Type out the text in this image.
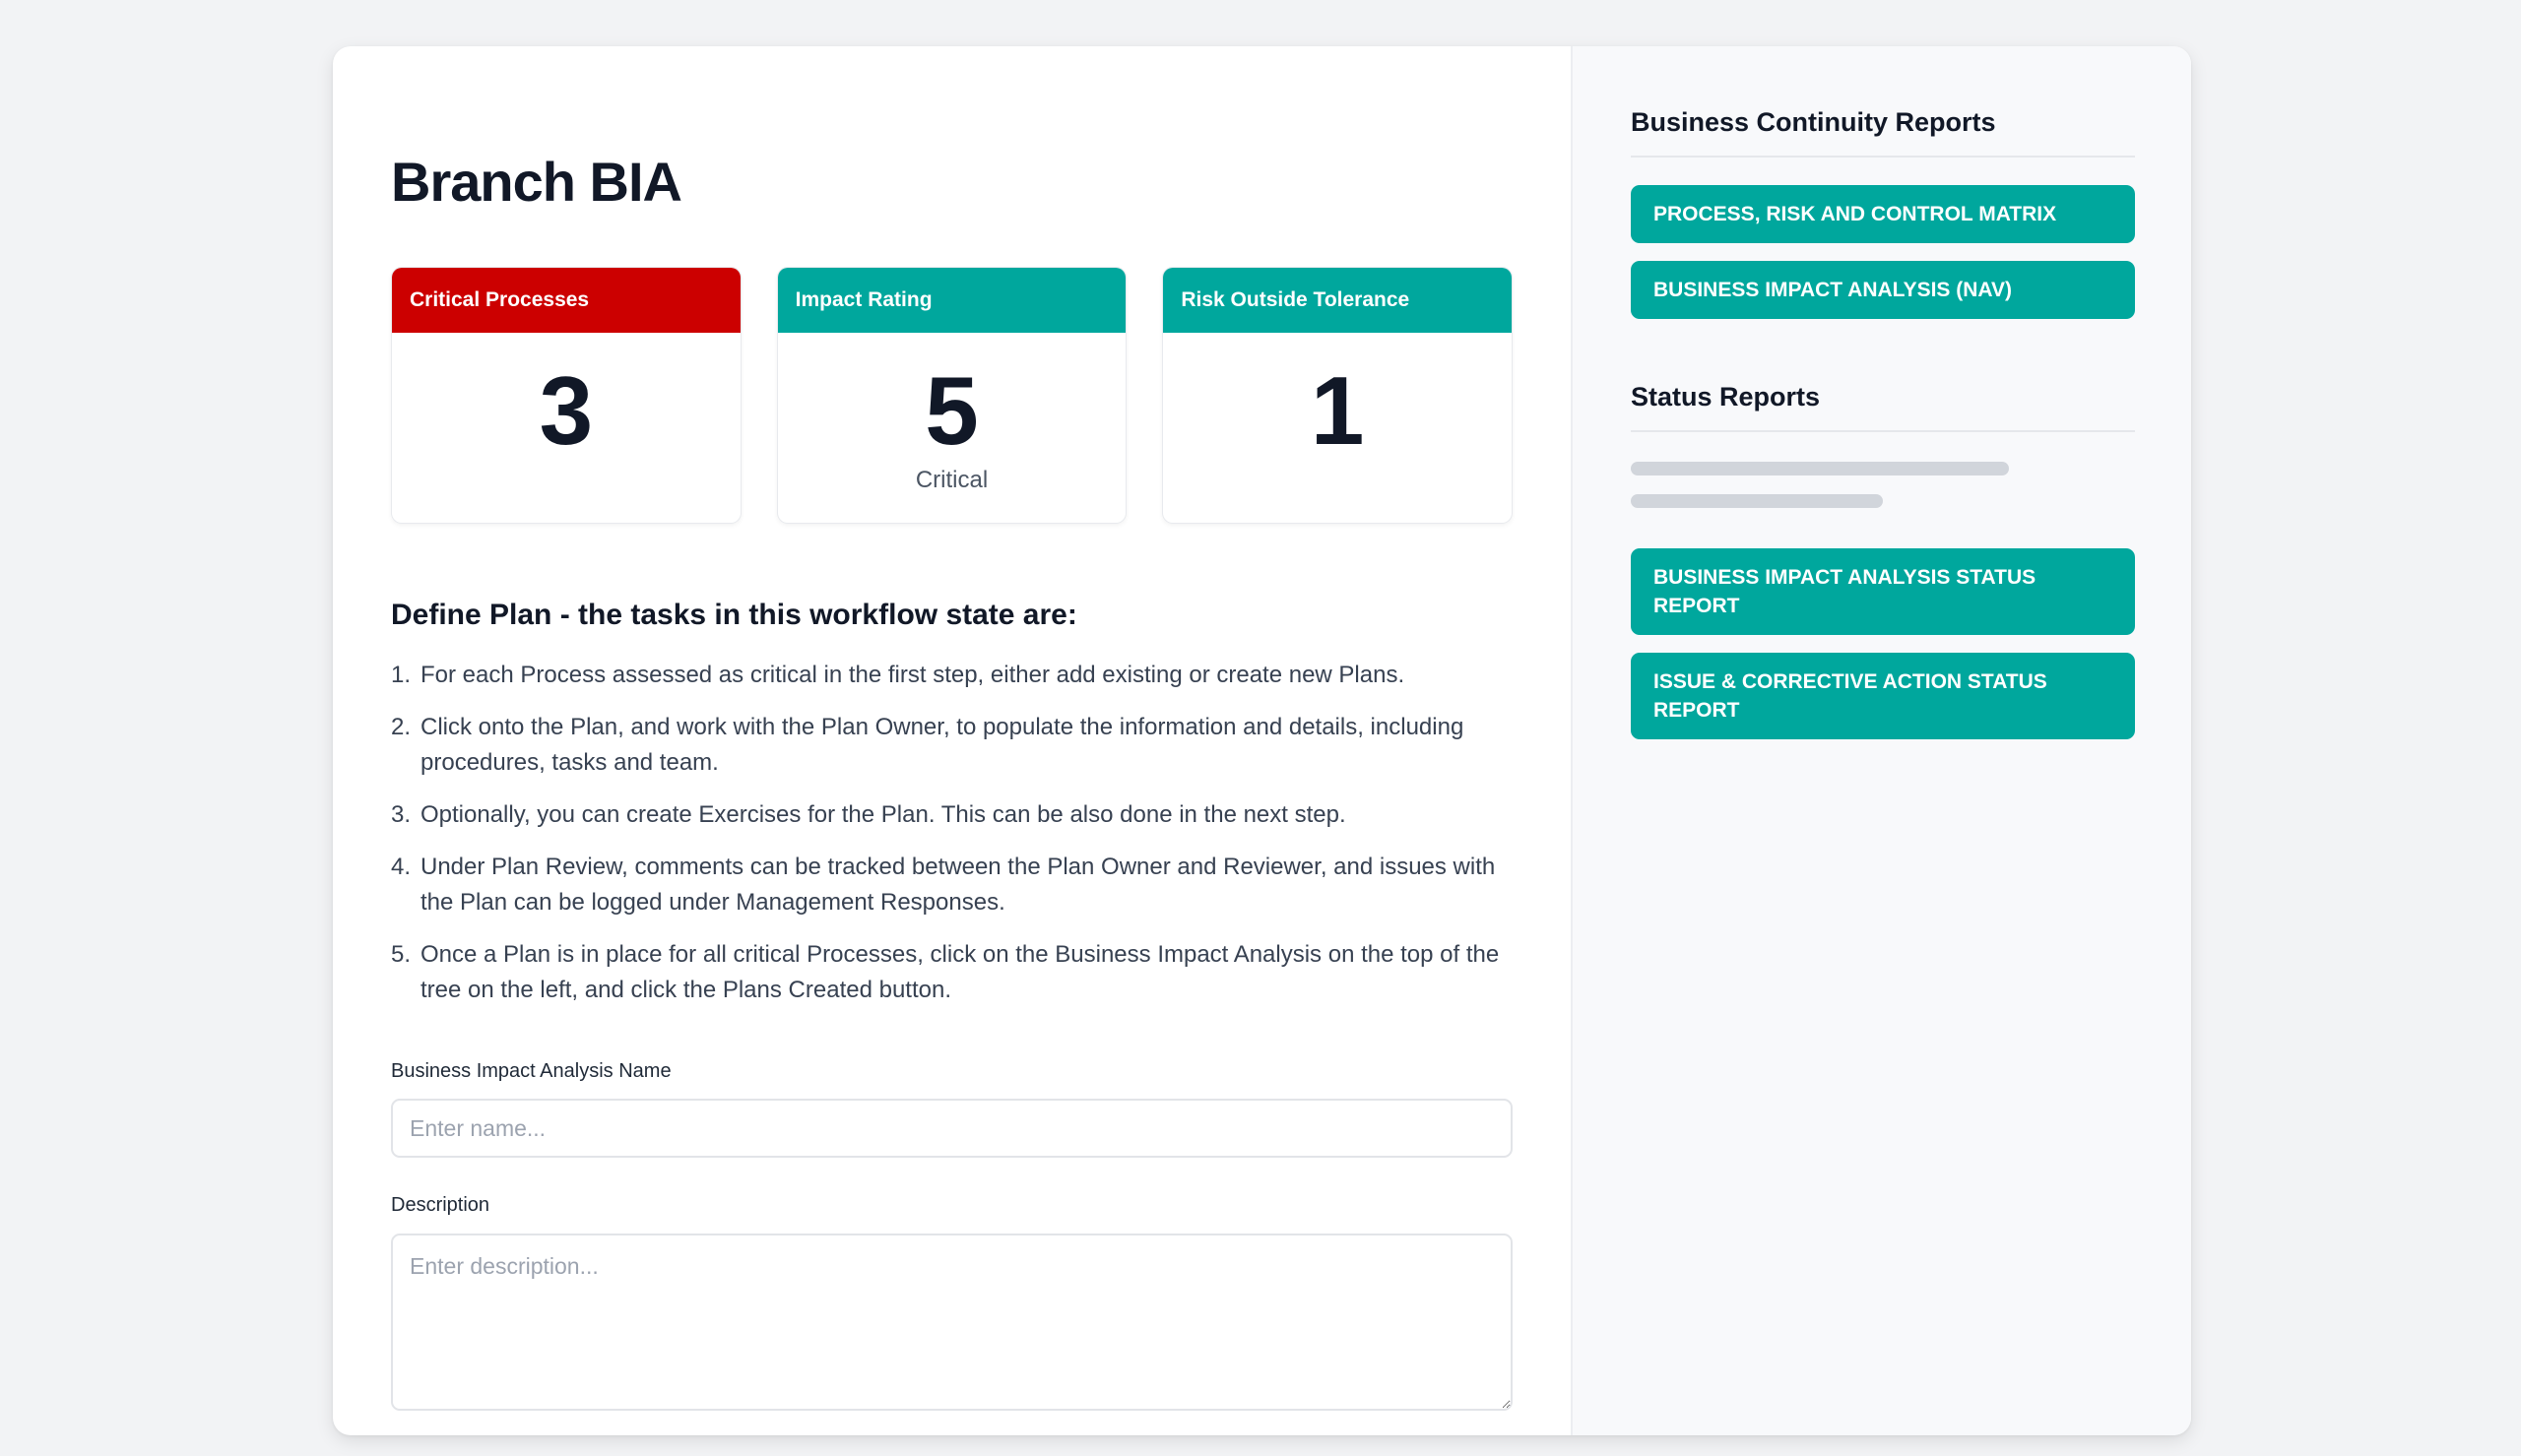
Branch BIA
Critical Processes
3
Impact Rating
5
Critical
Risk Outside Tolerance
1
Define Plan - the tasks in this workflow state are:
1. For each Process assessed as critical in the first step, either add existing or create new Plans.
2. Click onto the Plan, and work with the Plan Owner, to populate the information and details, including procedures, tasks and team.
3. Optionally, you can create Exercises for the Plan. This can be also done in the next step.
4. Under Plan Review, comments can be tracked between the Plan Owner and Reviewer, and issues with the Plan can be logged under Management Responses.
5. Once a Plan is in place for all critical Processes, click on the Business Impact Analysis on the top of the tree on the left, and click the Plans Created button.
Business Impact Analysis Name
Enter name...
Description
Enter description...
Business Continuity Reports
PROCESS, RISK AND CONTROL MATRIX
BUSINESS IMPACT ANALYSIS (NAV)
Status Reports
BUSINESS IMPACT ANALYSIS STATUS REPORT
ISSUE & CORRECTIVE ACTION STATUS REPORT
